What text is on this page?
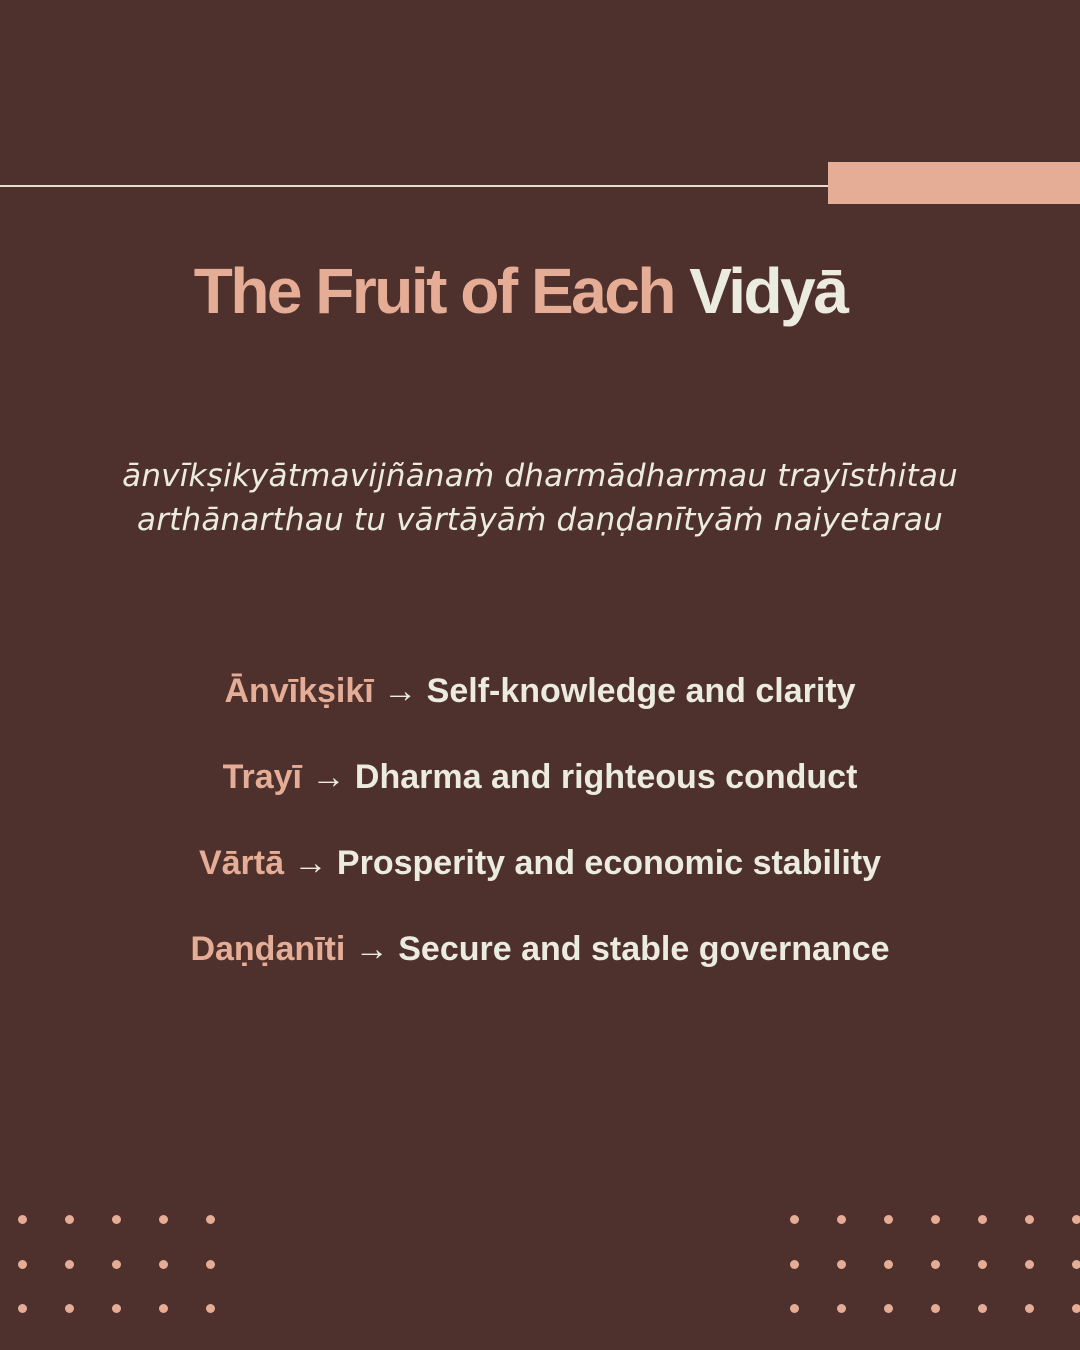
The Fruit of Each Vidyā
ānvīkṣikyātmavijñānaṁ dharmādharmau trayīsthitau
arthānarthau tu vārtāyāṁ daṇḍanītyāṁ naiyetarau
Ānvīkṣikī → Self-knowledge and clarity
Trayī → Dharma and righteous conduct
Vārtā → Prosperity and economic stability
Daṇḍanīti → Secure and stable governance
